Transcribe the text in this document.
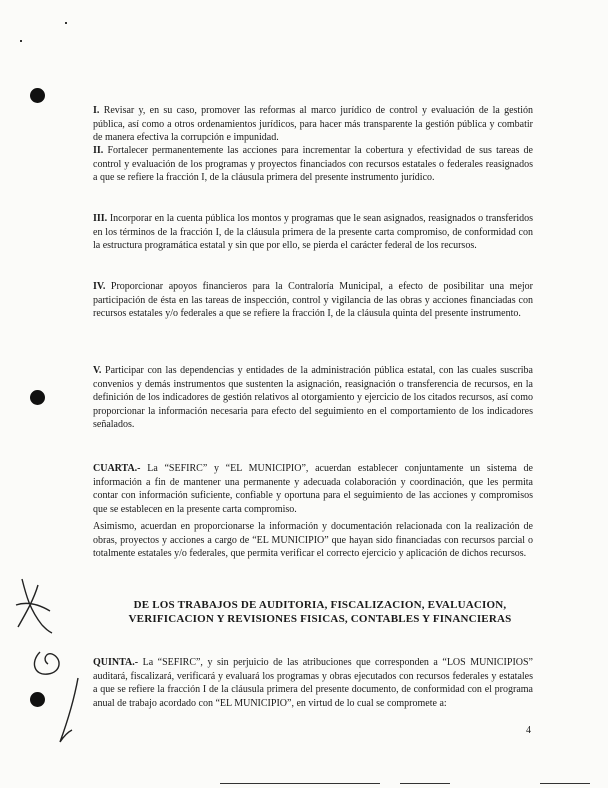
I. Revisar y, en su caso, promover las reformas al marco jurídico de control y evaluación de la gestión pública, así como a otros ordenamientos jurídicos, para hacer más transparente la gestión pública y combatir de manera efectiva la corrupción e impunidad.

II. Fortalecer permanentemente las acciones para incrementar la cobertura y efectividad de sus tareas de control y evaluación de los programas y proyectos financiados con recursos estatales o federales reasignados a que se refiere la fracción I, de la cláusula primera del presente instrumento jurídico.

III. Incorporar en la cuenta pública los montos y programas que le sean asignados, reasignados o transferidos en los términos de la fracción I, de la cláusula primera de la presente carta compromiso, de conformidad con la estructura programática estatal y sin que por ello, se pierda el carácter federal de los recursos.

IV. Proporcionar apoyos financieros para la Contraloría Municipal, a efecto de posibilitar una mejor participación de ésta en las tareas de inspección, control y vigilancia de las obras y acciones financiadas con recursos estatales y/o federales a que se refiere la fracción I, de la cláusula quinta del presente instrumento.

V. Participar con las dependencias y entidades de la administración pública estatal, con las cuales suscriba convenios y demás instrumentos que sustenten la asignación, reasignación o transferencia de recursos, en la definición de los indicadores de gestión relativos al otorgamiento y ejercicio de los citados recursos, así como proporcionar la información necesaria para efecto del seguimiento en el comportamiento de los indicadores señalados.

CUARTA.- La “SEFIRC” y “EL MUNICIPIO”, acuerdan establecer conjuntamente un sistema de información a fin de mantener una permanente y adecuada colaboración y coordinación, que les permita contar con información suficiente, confiable y oportuna para el seguimiento de las acciones y compromisos que se establecen en la presente carta compromiso.

Asimismo, acuerdan en proporcionarse la información y documentación relacionada con la realización de obras, proyectos y acciones a cargo de “EL MUNICIPIO” que hayan sido financiadas con recursos parcial o totalmente estatales y/o federales, que permita verificar el correcto ejercicio y aplicación de dichos recursos.

DE LOS TRABAJOS DE AUDITORIA, FISCALIZACION, EVALUACION,
VERIFICACION Y REVISIONES FISICAS, CONTABLES Y FINANCIERAS

QUINTA.- La “SEFIRC”, y sin perjuicio de las atribuciones que corresponden a “LOS MUNICIPIOS” auditará, fiscalizará, verificará y evaluará los programas y obras ejecutados con recursos federales y estatales a que se refiere la fracción I de la cláusula primera del presente documento, de conformidad con el programa anual de trabajo acordado con “EL MUNICIPIO”, en virtud de lo cual se compromete a:

4
